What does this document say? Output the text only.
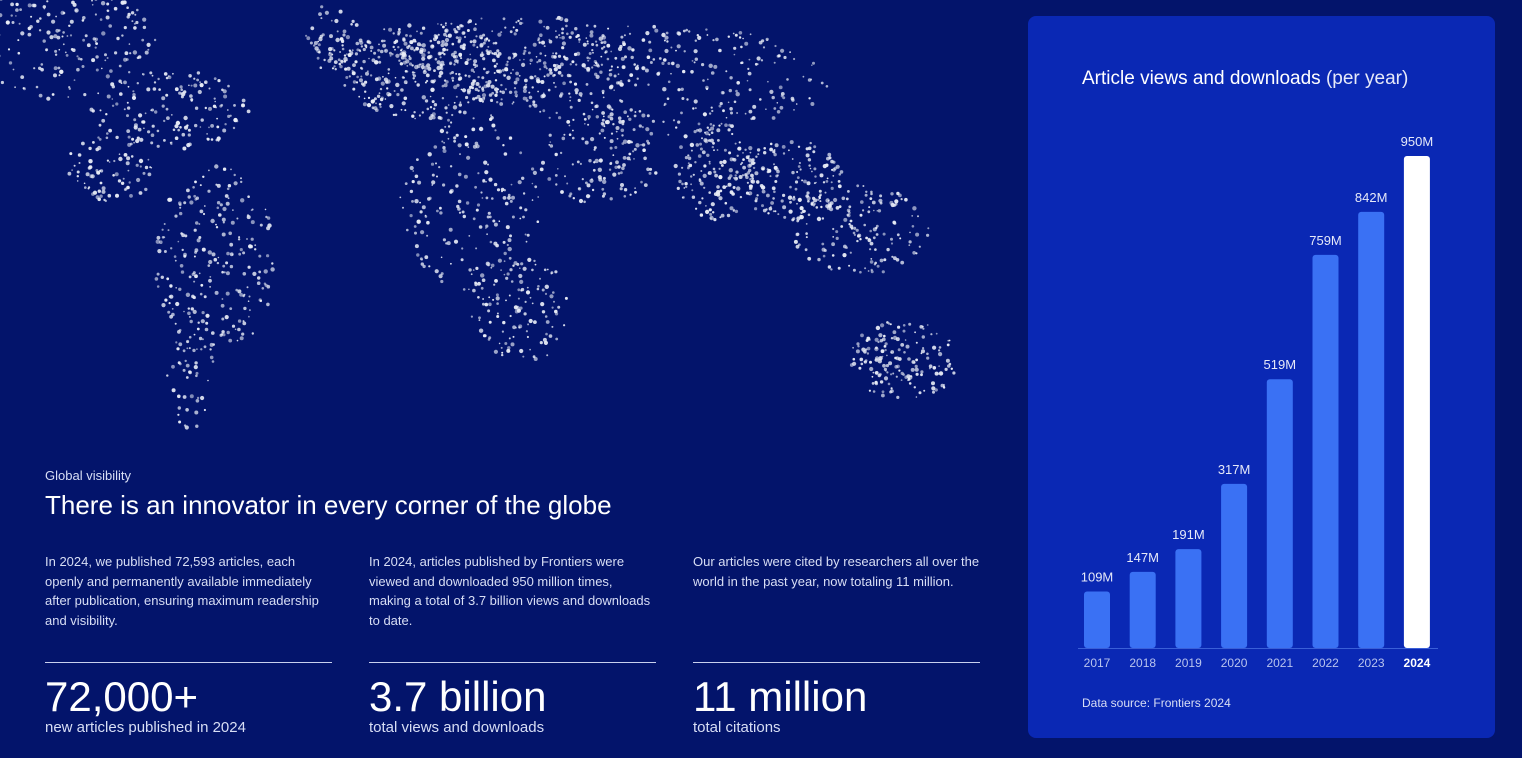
Global visibility
There is an innovator in every corner of the globe
In 2024, we published 72,593 articles, each openly and permanently available immediately after publication, ensuring maximum readership and visibility.
72,000+
new articles published in 2024
In 2024, articles published by Frontiers were viewed and downloaded 950 million times, making a total of 3.7 billion views and downloads to date.
3.7 billion
total views and downloads
Our articles were cited by researchers all over the world in the past year, now totaling 11 million.
11 million
total citations
Article views and downloads (per year)
109M
2017
147M
2018
191M
2019
317M
2020
519M
2021
759M
2022
842M
2023
950M
2024
Data source: Frontiers 2024
